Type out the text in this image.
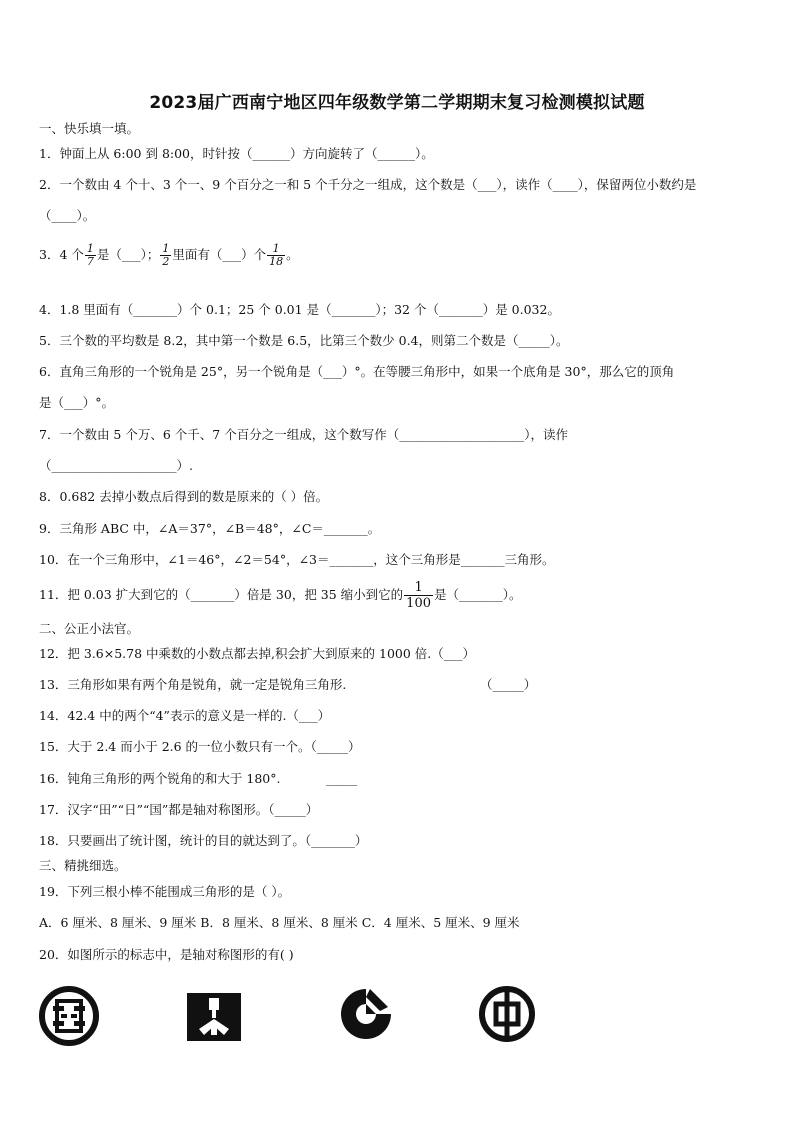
2023届广西南宁地区四年级数学第二学期期末复习检测模拟试题
一、快乐填一填。
1．钟面上从 6:00 到 8:00，时针按（______）方向旋转了（______）。
2．一个数由 4 个十、3 个一、9 个百分之一和 5 个千分之一组成，这个数是（___），读作（____），保留两位小数约是
（____）。
3．4 个 $\frac{1}{7}$ 是（___）； $\frac{1}{2}$ 里面有（___）个 $\frac{1}{18}$ 。
4．1.8 里面有（_______）个 0.1；25 个 0.01 是（_______）；32 个（_______）是 0.032。
5．三个数的平均数是 8.2，其中第一个数是 6.5，比第三个数少 0.4，则第二个数是（_____）。
6．直角三角形的一个锐角是 25°，另一个锐角是（___）°。在等腰三角形中，如果一个底角是 30°，那么它的顶角
是（___）°。
7．一个数由 5 个万、6 个千、7 个百分之一组成，这个数写作（____________________），读作
（____________________）.
8．0.682 去掉小数点后得到的数是原来的（ ）倍。
9．三角形 ABC 中，∠A＝37°，∠B＝48°，∠C＝_______。
10．在一个三角形中，∠1＝46°，∠2＝54°，∠3＝_______，这个三角形是_______三角形。
11．把 0.03 扩大到它的（_______）倍是 30，把 35 缩小到它的 $\frac{1}{100}$ 是（_______）。
二、公正小法官。
12．把 3.6×5.78 中乘数的小数点都去掉,积会扩大到原来的 1000 倍.（___）
13．三角形如果有两个角是锐角，就一定是锐角三角形.	（_____）
14．42.4 中的两个“4”表示的意义是一样的.（___）
15．大于 2.4 而小于 2.6 的一位小数只有一个。（_____）
16．钝角三角形的两个锐角的和大于 180°.	_____
17．汉字“田”“日”“国”都是轴对称图形。（_____）
18．只要画出了统计图，统计的目的就达到了。（_______）
三、精挑细选。
19．下列三根小棒不能围成三角形的是（ ）。
A．6 厘米、8 厘米、9 厘米 B．8 厘米、8 厘米、8 厘米 C．4 厘米、5 厘米、9 厘米
20．如图所示的标志中，是轴对称图形的有( )
